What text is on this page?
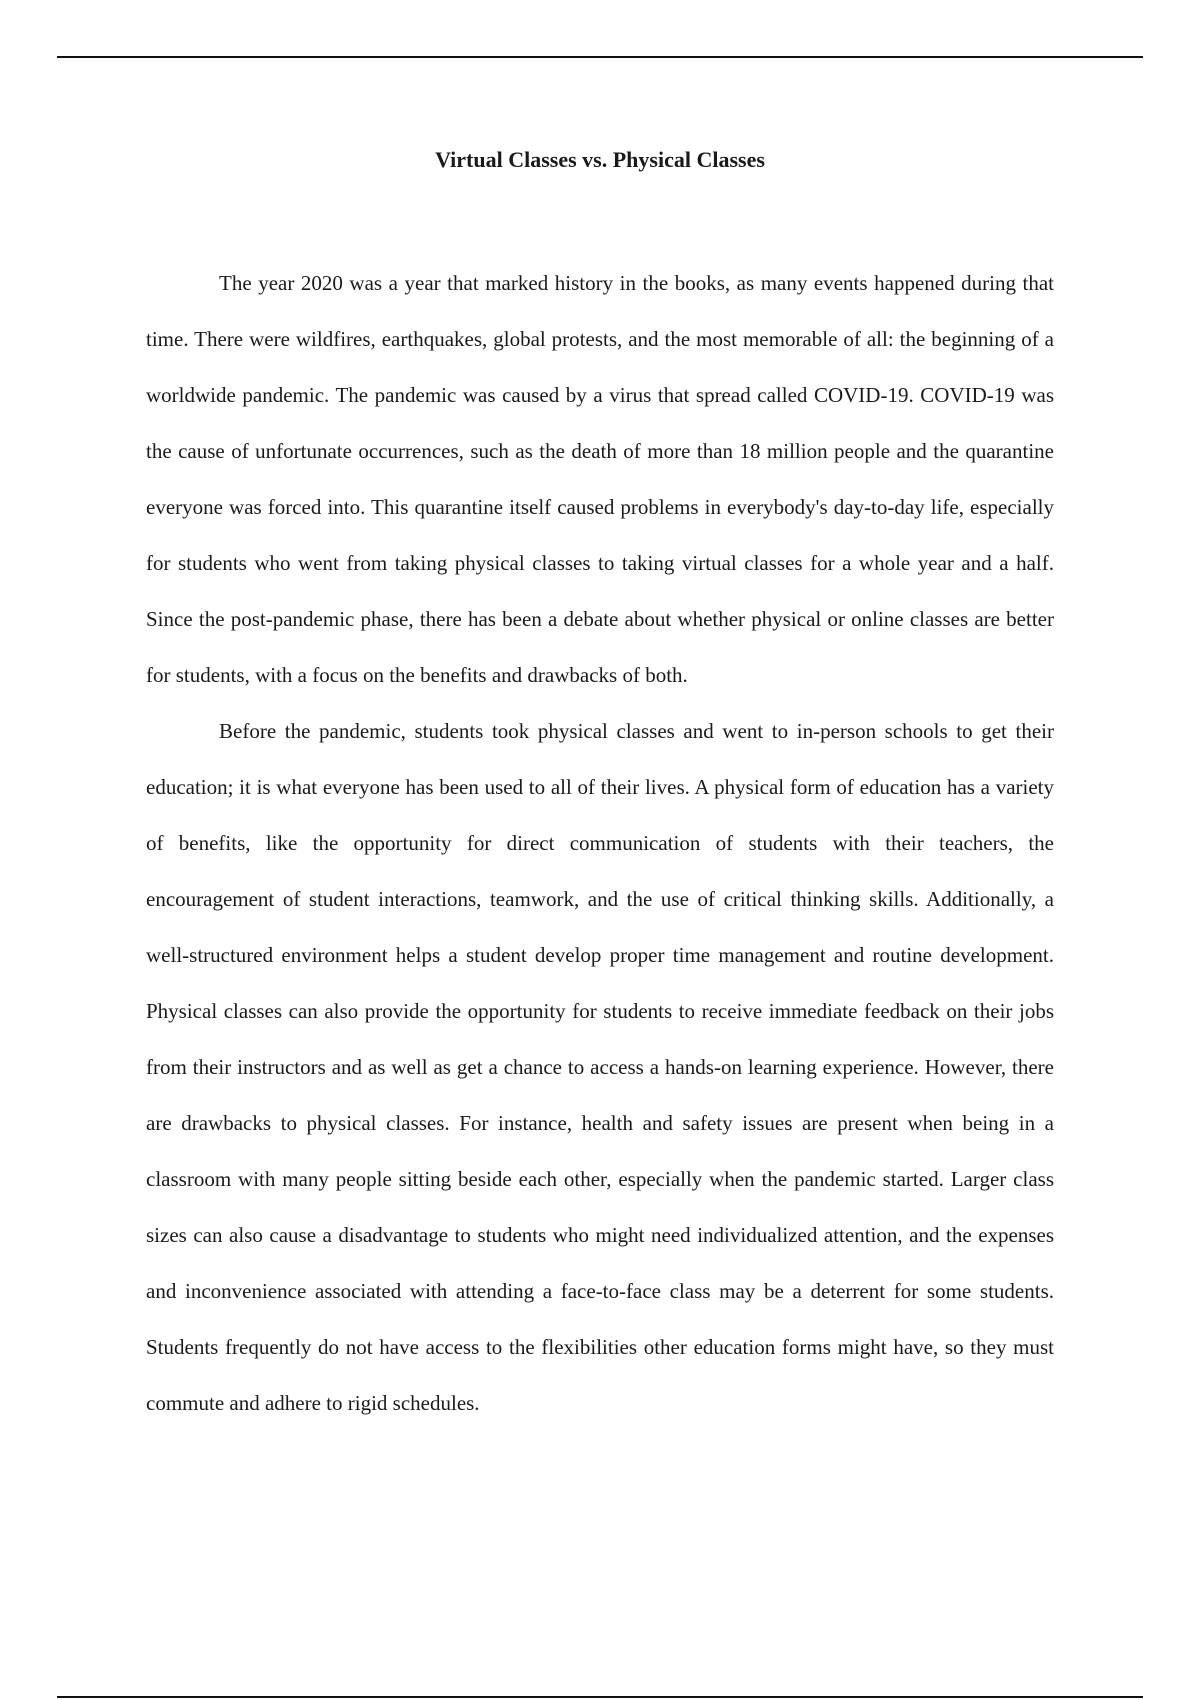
Virtual Classes vs. Physical Classes

The year 2020 was a year that marked history in the books, as many events happened during that time. There were wildfires, earthquakes, global protests, and the most memorable of all: the beginning of a worldwide pandemic. The pandemic was caused by a virus that spread called COVID-19. COVID-19 was the cause of unfortunate occurrences, such as the death of more than 18 million people and the quarantine everyone was forced into. This quarantine itself caused problems in everybody's day-to-day life, especially for students who went from taking physical classes to taking virtual classes for a whole year and a half. Since the post-pandemic phase, there has been a debate about whether physical or online classes are better for students, with a focus on the benefits and drawbacks of both.

Before the pandemic, students took physical classes and went to in-person schools to get their education; it is what everyone has been used to all of their lives. A physical form of education has a variety of benefits, like the opportunity for direct communication of students with their teachers, the encouragement of student interactions, teamwork, and the use of critical thinking skills. Additionally, a well-structured environment helps a student develop proper time management and routine development. Physical classes can also provide the opportunity for students to receive immediate feedback on their jobs from their instructors and as well as get a chance to access a hands-on learning experience. However, there are drawbacks to physical classes. For instance, health and safety issues are present when being in a classroom with many people sitting beside each other, especially when the pandemic started. Larger class sizes can also cause a disadvantage to students who might need individualized attention, and the expenses and inconvenience associated with attending a face-to-face class may be a deterrent for some students. Students frequently do not have access to the flexibilities other education forms might have, so they must commute and adhere to rigid schedules.
